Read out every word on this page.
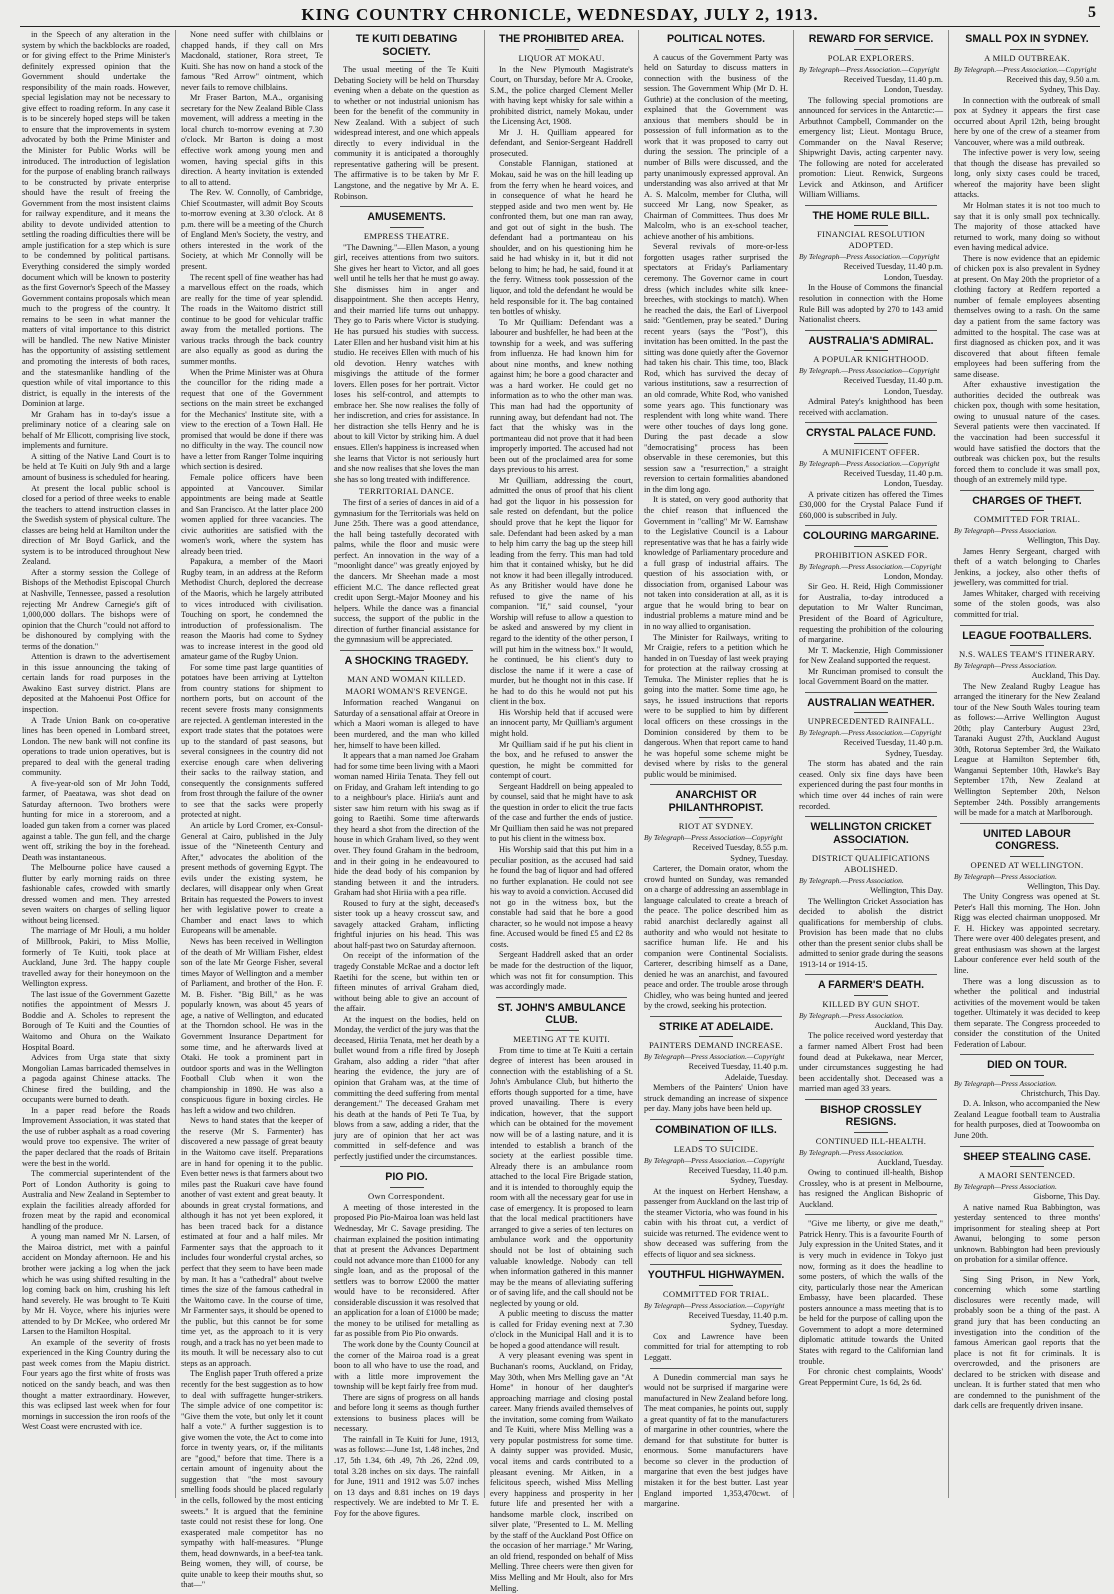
KING COUNTRY CHRONICLE, WEDNESDAY, JULY 2, 1913.	5

in the Speech of any alteration in the system by which the backblocks are roaded, or for giving effect to the Prime Minister's definitely expressed opinion that the Government should undertake the responsibility of the main roads. However, special legislation may not be necessary to give effect to roading reform. In any case it is to be sincerely hoped steps will be taken to ensure that the improvements in system advocated by both the Prime Minister and the Minister for Public Works will be introduced. The introduction of legislation for the purpose of enabling branch railways to be constructed by private enterprise should have the result of freeing the Government from the most insistent claims for railway expenditure, and it means the ability to devote undivided attention to settling the roading difficulties there will be ample justification for a step which is sure to be condemned by political partisans. Everything considered the simply worded document which will be known to posterity as the first Governor's Speech of the Massey Government contains proposals which mean much to the progress of the country. It remains to be seen in what manner the matters of vital importance to this district will be handled. The new Native Minister has the opportunity of assisting settlement and promoting the interests of both races, and the statesmanlike handling of the question while of vital importance to this district, is equally in the interests of the Dominion at large.

Mr Graham has in to-day's issue a preliminary notice of a clearing sale on behalf of Mr Ellicott, comprising live stock, implements and furniture.

A sitting of the Native Land Court is to be held at Te Kuiti on July 9th and a large amount of business is scheduled for hearing.

At present the local public school is closed for a period of three weeks to enable the teachers to attend instruction classes in the Swedish system of physical culture. The classes are being held at Hamilton under the direction of Mr Boyd Garlick, and the system is to be introduced throughout New Zealand.

After a stormy session the College of Bishops of the Methodist Episcopal Church at Nashville, Tennessee, passed a resolution rejecting Mr Andrew Carnegie's gift of 1,000,000 dollars. The bishops were of opinion that the Church "could not afford to be dishonoured by complying with the terms of the donation."

Attention is drawn to the advertisement in this issue announcing the taking of certain lands for road purposes in the Awakino East survey district. Plans are deposited at the Mahoenui Post Office for inspection.

A Trade Union Bank on co-operative lines has been opened in Lombard street, London. The new bank will not confine its operations to trade union operatives, but is prepared to deal with the general trading community.

A five-year-old son of Mr John Todd, farmer, of Paeatawa, was shot dead on Saturday afternoon. Two brothers were hunting for mice in a storeroom, and a loaded gun taken from a corner was placed against a table. The gun fell, and the charge went off, striking the boy in the forehead. Death was instantaneous.

The Melbourne police have caused a flutter by early morning raids on three fashionable cafes, crowded with smartly dressed women and men. They arrested seven waiters on charges of selling liquor without being licensed.

The marriage of Mr Houli, a mu holder of Millbrook, Pakiri, to Miss Mollie, formerly of Te Kuiti, took place at Auckland, June 3rd. The happy couple travelled away for their honeymoon on the Wellington express.

The last issue of the Government Gazette notifies the appointment of Messrs J. Boddie and A. Scholes to represent the Borough of Te Kuiti and the Counties of Waitomo and Ohura on the Waikato Hospital Board.

Advices from Urga state that sixty Mongolian Lamas barricaded themselves in a pagoda against Chinese attacks. The Chinese fired the building, and the occupants were burned to death.

In a paper read before the Roads Improvement Association, it was stated that the use of rubber asphalt as a road covering would prove too expensive. The writer of the paper declared that the roads of Britain were the best in the world.

The commercial superintendent of the Port of London Authority is going to Australia and New Zealand in September to explain the facilities already afforded for frozen meat by the rapid and economical handling of the produce.

A young man named Mr N. Larsen, of the Mairoa district, met with a painful accident on Monday afternoon. He and his brother were jacking a log when the jack which he was using shifted resulting in the log coming back on him, crushing his left hand severely. He was brought to Te Kuiti by Mr H. Voyce, where his injuries were attended to by Dr McKee, who ordered Mr Larsen to the Hamilton Hospital.

An example of the severity of frosts experienced in the King Country during the past week comes from the Mapiu district. Four years ago the first white of frosts was noticed on the sandy beach, and was then thought a matter extraordinary. However, this was eclipsed last week when for four mornings in succession the iron roofs of the West Coast were encrusted with ice.

None need suffer with chilblains or chapped hands, if they call on Mrs Macdonald, stationer, Rora street, Te Kuiti. She has now on hand a stock of the famous "Red Arrow" ointment, which never fails to remove chilblains.

Mr Fraser Barton, M.A., organising secretary for the New Zealand Bible Class movement, will address a meeting in the local church to-morrow evening at 7.30 o'clock. Mr Barton is doing a most effective work among young men and women, having special gifts in this direction. A hearty invitation is extended to all to attend.

The Rev. W. Connolly, of Cambridge, Chief Scoutmaster, will admit Boy Scouts to-morrow evening at 3.30 o'clock. At 8 p.m. there will be a meeting of the Church of England Men's Society, the vestry, and others interested in the work of the Society, at which Mr Connolly will be present.

The recent spell of fine weather has had a marvellous effect on the roads, which are really for the time of year splendid. The roads in the Waitomo district still continue to be good for vehicular traffic away from the metalled portions. The various tracks through the back country are also equally as good as during the summer months.

When the Prime Minister was at Ohura the councillor for the riding made a request that one of the Government sections on the main street be exchanged for the Mechanics' Institute site, with a view to the erection of a Town Hall. He promised that would be done if there was no difficulty in the way. The council now have a letter from Ranger Tolme inquiring which section is desired.

Female police officers have been appointed at Vancouver. Similar appointments are being made at Seattle and San Francisco. At the latter place 200 women applied for three vacancies. The civic authorities are satisfied with the women's work, where the system has already been tried.

Papakura, a member of the Maori Rugby team, in an address at the Reform Methodist Church, deplored the decrease of the Maoris, which he largely attributed to vices introduced with civilisation. Touching on sport, he condemned the introduction of professionalism. The reason the Maoris had come to Sydney was to increase interest in the good old amateur game of the Rugby Union.

For some time past large quantities of potatoes have been arriving at Lyttelton from country stations for shipment to northern ports, but on account of the recent severe frosts many consignments are rejected. A gentleman interested in the export trade states that the potatoes were up to the standard of past seasons, but several consignees in the country did not exercise enough care when delivering their sacks to the railway station, and consequently the consignments suffered from frost through the failure of the owner to see that the sacks were properly protected at night.

An article by Lord Cromer, ex-Consul-General at Cairo, published in the July issue of the "Nineteenth Century and After," advocates the abolition of the present methods of governing Egypt. The evils under the existing system, he declares, will disappear only when Great Britain has requested the Powers to invest her with legislative power to create a Chamber and enact laws to which Europeans will be amenable.

News has been received in Wellington of the death of Mr William Fisher, eldest son of the late Mr George Fisher, several times Mayor of Wellington and a member of Parliament, and brother of the Hon. F. M. B. Fisher. "Big Bill," as he was popularly known, was about 45 years of age, a native of Wellington, and educated at the Thorndon school. He was in the Government Insurance Department for some time, and he afterwards lived at Otaki. He took a prominent part in outdoor sports and was in the Wellington Football Club when it won the championship in 1890. He was also a conspicuous figure in boxing circles. He has left a widow and two children.

News to hand states that the keeper of the reserve (Mr S. Farmenter) has discovered a new passage of great beauty in the Waitomo cave itself. Preparations are in hand for opening it to the public. Even better news is that farmers about two miles past the Ruakuri cave have found another of vast extent and great beauty. It abounds in great crystal formations, and although it has not yet been explored, it has been traced back for a distance estimated at four and a half miles. Mr Farmenter says that the approach to it includes four wonderful crystal arches, so perfect that they seem to have been made by man. It has a "cathedral" about twelve times the size of the famous cathedral in the Waitomo cave. In the course of time, Mr Farmenter says, it should be opened to the public, but this cannot be for some time yet, as the approach to it is very rough, and a track has no yet been made to its mouth. It will be necessary also to cut steps as an approach.

The English paper Truth offered a prize recently for the best suggestion as to how to deal with suffragette hunger-strikers. The simple advice of one competitor is: "Give them the vote, but only let it count half a vote." A further suggestion is to give women the vote, the Act to come into force in twenty years, or, if the militants are "good," before that time. There is a certain amount of ingenuity about the suggestion that "the most savoury smelling foods should be placed regularly in the cells, followed by the most enticing sweets." It is argued that the feminine taste could not resist these for long. One exasperated male competitor has no sympathy with half-measures. "Plunge them, head downwards, in a beef-tea tank. Being women, they will, of course, be quite unable to keep their mouths shut, so that—"

TE KUITI DEBATING SOCIETY.

The usual meeting of the Te Kuiti Debating Society will be held on Thursday evening when a debate on the question as to whether or not industrial unionism has been for the benefit of the community in New Zealand. With a subject of such widespread interest, and one which appeals directly to every individual in the community it is anticipated a thoroughly representative gathering will be present. The affirmative is to be taken by Mr F. Langstone, and the negative by Mr A. E. Robinson.

AMUSEMENTS.
EMPRESS THEATRE.

"The Dawning."—Ellen Mason, a young girl, receives attentions from two suitors. She gives her heart to Victor, and all goes well until he tells her that he must go away. She dismisses him in anger and disappointment. She then accepts Henry, and their married life turns out unhappy. They go to Paris where Victor is studying. He has pursued his studies with success. Later Ellen and her husband visit him at his studio. He receives Ellen with much of his old devotion. Henry watches with misgivings the attitude of the former lovers. Ellen poses for her portrait. Victor loses his self-control, and attempts to embrace her. She now realises the folly of her indiscretion, and cries for assistance. In her distraction she tells Henry and he is about to kill Victor by striking him. A duel ensues. Ellen's happiness is increased when she learns that Victor is not seriously hurt and she now realises that she loves the man she has so long treated with indifference.

TERRITORIAL DANCE.

The first of a series of dances in aid of a gymnasium for the Territorials was held on June 25th. There was a good attendance, the hall being tastefully decorated with palms, while the floor and music were perfect. An innovation in the way of a "moonlight dance" was greatly enjoyed by the dancers. Mr Sheehan made a most efficient M.C. The dance reflected great credit upon Sergt.-Major Mooney and his helpers. While the dance was a financial success, the support of the public in the direction of further financial assistance for the gymnasium will be appreciated.

A SHOCKING TRAGEDY.
MAN AND WOMAN KILLED.
MAORI WOMAN'S REVENGE.

Information reached Wanganui on Saturday of a sensational affair at Oreore in which a Maori woman is alleged to have been murdered, and the man who killed her, himself to have been killed.

It appears that a man named Joe Graham had for some time been living with a Maori woman named Hiriia Tenata. They fell out on Friday, and Graham left intending to go to a neighbour's place. Hiriia's aunt and sister saw him return with his swag as if going to Raetihi. Some time afterwards they heard a shot from the direction of the house in which Graham lived, so they went over. They found Graham in the bedroom, and in their going in he endeavoured to hide the dead body of his companion by standing between it and the intruders. Graham had shot Hiriia with a pea rifle.

Roused to fury at the sight, deceased's sister took up a heavy crosscut saw, and savagely attacked Graham, inflicting frightful injuries on his head. This was about half-past two on Saturday afternoon.

On receipt of the information of the tragedy Constable McRae and a doctor left Raetihi for the scene, but within ten or fifteen minutes of arrival Graham died, without being able to give an account of the affair.

At the inquest on the bodies, held on Monday, the verdict of the jury was that the deceased, Hiriia Tenata, met her death by a bullet wound from a rifle fired by Joseph Graham, also adding a rider "that after hearing the evidence, the jury are of opinion that Graham was, at the time of committing the deed suffering from mental derangement." The deceased Graham met his death at the hands of Peti Te Tua, by blows from a saw, adding a rider, that the jury are of opinion that her act was committed in self-defence and was perfectly justified under the circumstances.

PIO PIO.
Own Correspondent.

A meeting of those interested in the proposed Pio Pio-Mairoa loan was held last Wednesday, Mr C. Savage presiding. The chairman explained the position intimating that at present the Advances Department could not advance more than £1000 for any single loan, and as the proposal of the settlers was to borrow £2000 the matter would have to be reconsidered. After considerable discussion it was resolved that an application for a loan of £1000 be made; the money to be utilised for metalling as far as possible from Pio Pio onwards.

The work done by the County Council at the corner of the Mairoa road is a great boon to all who have to use the road, and with a little more improvement the township will be kept fairly free from mud.

There are signs of progress on all hands and before long it seems as though further extensions to business places will be necessary.

The rainfall in Te Kuiti for June, 1913, was as follows:—June 1st, 1.48 inches, 2nd .17, 5th 1.34, 6th .49, 7th .26, 22nd .09, total 3.28 inches on six days. The rainfall for June, 1911 and 1912 was 5.07 inches on 13 days and 8.81 inches on 19 days respectively. We are indebted to Mr T. E. Foy for the above figures.

THE PROHIBITED AREA.
LIQUOR AT MOKAU.

In the New Plymouth Magistrate's Court, on Thursday, before Mr A. Crooke, S.M., the police charged Clement Meller with having kept whisky for sale within a prohibited district, namely Mokau, under the Licensing Act, 1908.

Mr J. H. Quilliam appeared for defendant, and Senior-Sergeant Haddrell prosecuted.

Constable Flannigan, stationed at Mokau, said he was on the hill leading up from the ferry when he heard voices, and in consequence of what he heard he stepped aside and two men went by. He confronted them, but one man ran away, and got out of sight in the bush. The defendant had a portmanteau on his shoulder, and on his questioning him he said he had whisky in it, but it did not belong to him; he had, he said, found it at the ferry. Witness took possession of the liquor, and told the defendant he would be held responsible for it. The bag contained ten bottles of whisky.

To Mr Quilliam: Defendant was a labourer and bushfeller, he had been at the township for a week, and was suffering from influenza. He had known him for about nine months, and knew nothing against him; he bore a good character and was a hard worker. He could get no information as to who the other man was. This man had had the opportunity of running away, but defendant had not. The fact that the whisky was in the portmanteau did not prove that it had been improperly imported. The accused had not been out of the proclaimed area for some days previous to his arrest.

Mr Quilliam, addressing the court, admitted the onus of proof that his client had got the liquor in his possession for sale rested on defendant, but the police should prove that he kept the liquor for sale. Defendant had been asked by a man to help him carry the bag up the steep hill leading from the ferry. This man had told him that it contained whisky, but he did not know it had been illegally introduced. As any Britisher would have done he refused to give the name of his companion. "If," said counsel, "your Worship will refuse to allow a question to be asked and answered by my client in regard to the identity of the other person, I will put him in the witness box." It would, he continued, be his client's duty to disclose the name if it were a case of murder, but he thought not in this case. If he had to do this he would not put his client in the box.

His Worship held that if accused were an innocent party, Mr Quilliam's argument might hold.

Mr Quilliam said if he put his client in the box, and he refused to answer the question, he might be committed for contempt of court.

Sergeant Haddrell on being appealed to by counsel, said that he might have to ask the question in order to elicit the true facts of the case and further the ends of justice. Mr Quilliam then said he was not prepared to put his client in the witness box.

His Worship said that this put him in a peculiar position, as the accused had said he found the bag of liquor and had offered no further explanation. He could not see his way to avoid a conviction. Accused did not go in the witness box, but the constable had said that he bore a good character, so he would not impose a heavy fine. Accused would be fined £5 and £2 8s costs.

Sergeant Haddrell asked that an order be made for the destruction of the liquor, which was not fit for consumption. This was accordingly made.

ST. JOHN'S AMBULANCE CLUB.
MEETING AT TE KUITI.

From time to time at Te Kuiti a certain degree of interest has been aroused in connection with the establishing of a St. John's Ambulance Club, but hitherto the efforts though supported for a time, have proved unavailing. There is every indication, however, that the support which can be obtained for the movement now will be of a lasting nature, and it is intended to establish a branch of the society at the earliest possible time. Already there is an ambulance room attached to the local Fire Brigade station, and it is intended to thoroughly equip the room with all the necessary gear for use in case of emergency. It is proposed to learn that the local medical practitioners have arranged to give a series of ten lectures on ambulance work and the opportunity should not be lost of obtaining such valuable knowledge. Nobody can tell when information gathered in this manner may be the means of alleviating suffering or of saving life, and the call should not be neglected by young or old.

A public meeting to discuss the matter is called for Friday evening next at 7.30 o'clock in the Municipal Hall and it is to be hoped a good attendance will result.

A very pleasant evening was spent in Buchanan's rooms, Auckland, on Friday, May 30th, when Mrs Melling gave an "At Home" in honour of her daughter's approaching marriage and closing postal career. Many friends availed themselves of the invitation, some coming from Waikato and Te Kuiti, where Miss Melling was a very popular postmistress for some time. A dainty supper was provided. Music, vocal items and cards contributed to a pleasant evening. Mr Aitken, in a felicitous speech, wished Miss Melling every happiness and prosperity in her future life and presented her with a handsome marble clock, inscribed on silver plate, "Presented to L. M. Melling by the staff of the Auckland Post Office on the occasion of her marriage." Mr Waring, an old friend, responded on behalf of Miss Melling. Three cheers were then given for Miss Melling and Mr Hoult, also for Mrs Melling.

POLITICAL NOTES.

A caucus of the Government Party was held on Saturday to discuss matters in connection with the business of the session. The Government Whip (Mr D. H. Guthrie) at the conclusion of the meeting, explained that the Government was anxious that members should be in possession of full information as to the work that it was proposed to carry out during the session. The principle of a number of Bills were discussed, and the party unanimously expressed approval. An understanding was also arrived at that Mr A. S. Malcolm, member for Clutha, will succeed Mr Lang, now Speaker, as Chairman of Committees. Thus does Mr Malcolm, who is an ex-school teacher, achieve another of his ambitions.

Several revivals of more-or-less forgotten usages rather surprised the spectators at Friday's Parliamentary ceremony. The Governor came in court dress (which includes white silk knee-breeches, with stockings to match). When he reached the dais, the Earl of Liverpool said: "Gentlemen, pray be seated." During recent years (says the "Post"), this invitation has been omitted. In the past the sitting was done quietly after the Governor had taken his chair. This time, too, Black Rod, which has survived the decay of various institutions, saw a resurrection of an old comrade, White Rod, who vanished some years ago. This functionary was resplendent with long white wand. There were other touches of days long gone. During the past decade a slow "democratising" process has been observable in these ceremonies, but this session saw a "resurrection," a straight reversion to certain formalities abandoned in the dim long ago.

It is stated, on very good authority that the chief reason that influenced the Government in "calling" Mr W. Earnshaw to the Legislative Council is a Labour representative was that he has a fairly wide knowledge of Parliamentary procedure and a full grasp of industrial affairs. The question of his association with, or dissociation from, organised Labour was not taken into consideration at all, as it is argue that he would bring to bear on industrial problems a mature mind and be in no way allied to organisation.

The Minister for Railways, writing to Mr Craigie, refers to a petition which he handed in on Tuesday of last week praying for protection at the railway crossing at Temuka. The Minister replies that he is going into the matter. Some time ago, he says, he issued instructions that reports were to be supplied to him by different local officers on these crossings in the Dominion considered by them to be dangerous. When that report came to hand he was hopeful some scheme might be devised where by risks to the general public would be minimised.

ANARCHIST OR PHILANTHROPIST.
RIOT AT SYDNEY.
By Telegraph—Press Association—Copyright
Received Tuesday, 8.55 p.m.
Sydney, Tuesday.

Carterer, the Domain orator, whom the crowd hunted on Sunday, was remanded on a charge of addressing an assemblage in language calculated to create a breach of the peace. The police described him as rabid anarchist declaredly against all authority and who would not hesitate to sacrifice human life. He and his companion were Continental Socialists. Carterer, describing himself as a Dane, denied he was an anarchist, and favoured peace and order. The trouble arose through Chidley, who was being hunted and jeered by the crowd, seeking his protection.

STRIKE AT ADELAIDE.
PAINTERS DEMAND INCREASE.
By Telegraph—Press Association.—Copyright
Received Tuesday, 11.40 p.m.
Adelaide, Tuesday.

Members of the Painters' Union have struck demanding an increase of sixpence per day. Many jobs have been held up.

COMBINATION OF ILLS.
LEADS TO SUICIDE.
By Telegraph—Press Association.—Copyright
Received Tuesday, 11.40 p.m.
Sydney, Tuesday.

At the inquest on Herbert Henshaw, a passenger from Auckland on the last trip of the steamer Victoria, who was found in his cabin with his throat cut, a verdict of suicide was returned. The evidence went to show deceased was suffering from the effects of liquor and sea sickness.

YOUTHFUL HIGHWAYMEN.
COMMITTED FOR TRIAL.
By Telegraph—Press Association.—Copyright
Received Tuesday, 11.40 p.m.
Sydney, Tuesday.

Cox and Lawrence have been committed for trial for attempting to rob Leggatt.

A Dunedin commercial man says he would not be surprised if margarine were manufactured in New Zealand before long. The meat companies, he points out, supply a great quantity of fat to the manufacturers of margarine in other countries, where the demand for that substitute for butter is enormous. Some manufacturers have become so clever in the production of margarine that even the best judges have mistaken it for the best butter. Last year England imported 1,353,470cwt. of margarine.

REWARD FOR SERVICE.
POLAR EXPLORERS.
By Telegraph—Press Association.—Copyright
Received Tuesday, 11.40 p.m.
London, Tuesday.

The following special promotions are announced for services in the Antarctic:—Arbuthnot Campbell, Commander on the emergency list; Lieut. Montagu Bruce, Commander on the Naval Reserve; Shipwright Davis, acting carpenter navy. The following are noted for accelerated promotion: Lieut. Renwick, Surgeons Levick and Atkinson, and Artificer William Williams.

THE HOME RULE BILL.
FINANCIAL RESOLUTION ADOPTED.
By Telegraph—Press Association.—Copyright
Received Tuesday, 11.40 p.m.
London, Tuesday.

In the House of Commons the financial resolution in connection with the Home Rule Bill was adopted by 270 to 143 amid Nationalist cheers.

AUSTRALIA'S ADMIRAL.
A POPULAR KNIGHTHOOD.
By Telegraph.—Press Association—Copyright
Received Tuesday, 11.40 p.m.
London, Tuesday.

Admiral Patey's knighthood has been received with acclamation.

CRYSTAL PALACE FUND.
A MUNIFICENT OFFER.
By Telegraph—Press Association.—Copyright
Received Tuesday, 11.40 p.m.
London, Tuesday.

A private citizen has offered the Times £30,000 for the Crystal Palace Fund if £60,000 is subscribed in July.

COLOURING MARGARINE.
PROHIBITION ASKED FOR.
By Telegraph.—Press Association.—Copyright
London, Monday.

Sir Geo. H. Reid, High Commissioner for Australia, to-day introduced a deputation to Mr Walter Runciman, President of the Board of Agriculture, requesting the prohibition of the colouring of margarine.

Mr T. Mackenzie, High Commissioner for New Zealand supported the request.

Mr Runciman promised to consult the local Government Board on the matter.

AUSTRALIAN WEATHER.
UNPRECEDENTED RAINFALL.
By Telegraph.—Press Association.—Copyright
Received Tuesday, 11.40 p.m.
Sydney, Tuesday.

The storm has abated and the rain ceased. Only six fine days have been experienced during the past four months in which time over 44 inches of rain were recorded.

WELLINGTON CRICKET ASSOCIATION.
DISTRICT QUALIFICATIONS ABOLISHED.
By Telegraph.—Press Association.
Wellington, This Day.

The Wellington Cricket Association has decided to abolish the district qualifications for membership of clubs. Provision has been made that no clubs other than the present senior clubs shall be admitted to senior grade during the seasons 1913-14 or 1914-15.

A FARMER'S DEATH.
KILLED BY GUN SHOT.
By Telegraph.—Press Association.
Auckland, This Day.

The police received word yesterday that a farmer named Albert Frost had been found dead at Pukekawa, near Mercer, under circumstances suggesting he had been accidentally shot. Deceased was a married man aged 33 years.

BISHOP CROSSLEY RESIGNS.
CONTINUED ILL-HEALTH.
By Telegraph.—Press Association.
Auckland, Tuesday.

Owing to continued ill-health, Bishop Crossley, who is at present in Melbourne, has resigned the Anglican Bishopric of Auckland.

"Give me liberty, or give me death," Patrick Henry. This is a favourite Fourth of July expression in the United States, and it is very much in evidence in Tokyo just now, forming as it does the headline to some posters, of which the walls of the city, particularly those near the American Embassy, have been placarded. These posters announce a mass meeting that is to be held for the purpose of calling upon the Government to adopt a more determined diplomatic attitude towards the United States with regard to the Californian land trouble.

For chronic chest complaints, Woods' Great Peppermint Cure, 1s 6d, 2s 6d.

SMALL POX IN SYDNEY.
A MILD OUTBREAK.
By Telegraph.—Press Association.—Copyright
Received this day, 9.50 a.m.
Sydney, This Day.

In connection with the outbreak of small pox at Sydney it appears the first case occurred about April 12th, being brought here by one of the crew of a steamer from Vancouver, where was a mild outbreak.

The infective power is very low, seeing that though the disease has prevailed so long, only sixty cases could be traced, whereof the majority have been slight attacks.

Mr Holman states it is not too much to say that it is only small pox technically. The majority of those attacked have returned to work, many doing so without even having medical advice.

There is now evidence that an epidemic of chicken pox is also prevalent in Sydney at present. On May 20th the proprietor of a clothing factory at Redfern reported a number of female employees absenting themselves owing to a rash. On the same day a patient from the same factory was admitted to the hospital. The case was at first diagnosed as chicken pox, and it was discovered that about fifteen female employees had been suffering from the same disease.

After exhaustive investigation the authorities decided the outbreak was chicken pox, though with some hesitation, owing to unusual nature of the cases. Several patients were then vaccinated. If the vaccination had been successful it would have satisfied the doctors that the outbreak was chicken pox, but the results forced them to conclude it was small pox, though of an extremely mild type.

CHARGES OF THEFT.
COMMITTED FOR TRIAL.
By Telegraph—Press Association.
Wellington, This Day.

James Henry Sergeant, charged with theft of a watch belonging to Charles Jenkins, a jockey, also other thefts of jewellery, was committed for trial.

James Whitaker, charged with receiving some of the stolen goods, was also committed for trial.

LEAGUE FOOTBALLERS.
N.S. WALES TEAM'S ITINERARY.
By Telegraph—Press Association.
Auckland, This Day.

The New Zealand Rugby League has arranged the itinerary for the New Zealand tour of the New South Wales touring team as follows:—Arrive Wellington August 20th; play Canterbury August 23rd, Taranaki August 27th, Auckland August 30th, Rotorua September 3rd, the Waikato League at Hamilton September 6th, Wanganui September 10th, Hawke's Bay September 17th, New Zealand at Wellington September 20th, Nelson September 24th. Possibly arrangements will be made for a match at Marlborough.

UNITED LABOUR CONGRESS.
OPENED AT WELLINGTON.
By Telegraph—Press Association.
Wellington, This Day.

The Unity Congress was opened at St. Peter's Hall this morning. The Hon. John Rigg was elected chairman unopposed. Mr F. H. Hickey was appointed secretary. There were over 400 delegates present, and great enthusiasm was shown at the largest Labour conference ever held south of the line.

There was a long discussion as to whether the political and industrial activities of the movement would be taken together. Ultimately it was decided to keep them separate. The Congress proceeded to consider the constitution of the United Federation of Labour.

DIED ON TOUR.
By Telegraph—Press Association.
Christchurch, This Day.

D. A. Inkson, who accompanied the New Zealand League football team to Australia for health purposes, died at Toowoomba on June 20th.

SHEEP STEALING CASE.
A MAORI SENTENCED.
By Telegraph—Press Association.
Gisborne, This Day.

A native named Rua Babbington, was yesterday sentenced to three months' imprisonment for stealing sheep at Port Awanui, belonging to some person unknown. Babbington had been previously on probation for a similar offence.

Sing Sing Prison, in New York, concerning which some startling disclosures were recently made, will probably soon be a thing of the past. A grand jury that has been conducting an investigation into the condition of the famous American gaol reports that the place is not fit for criminals. It is overcrowded, and the prisoners are declared to be stricken with disease and unclean. It is further stated that men who are condemned to the punishment of the dark cells are frequently driven insane.
